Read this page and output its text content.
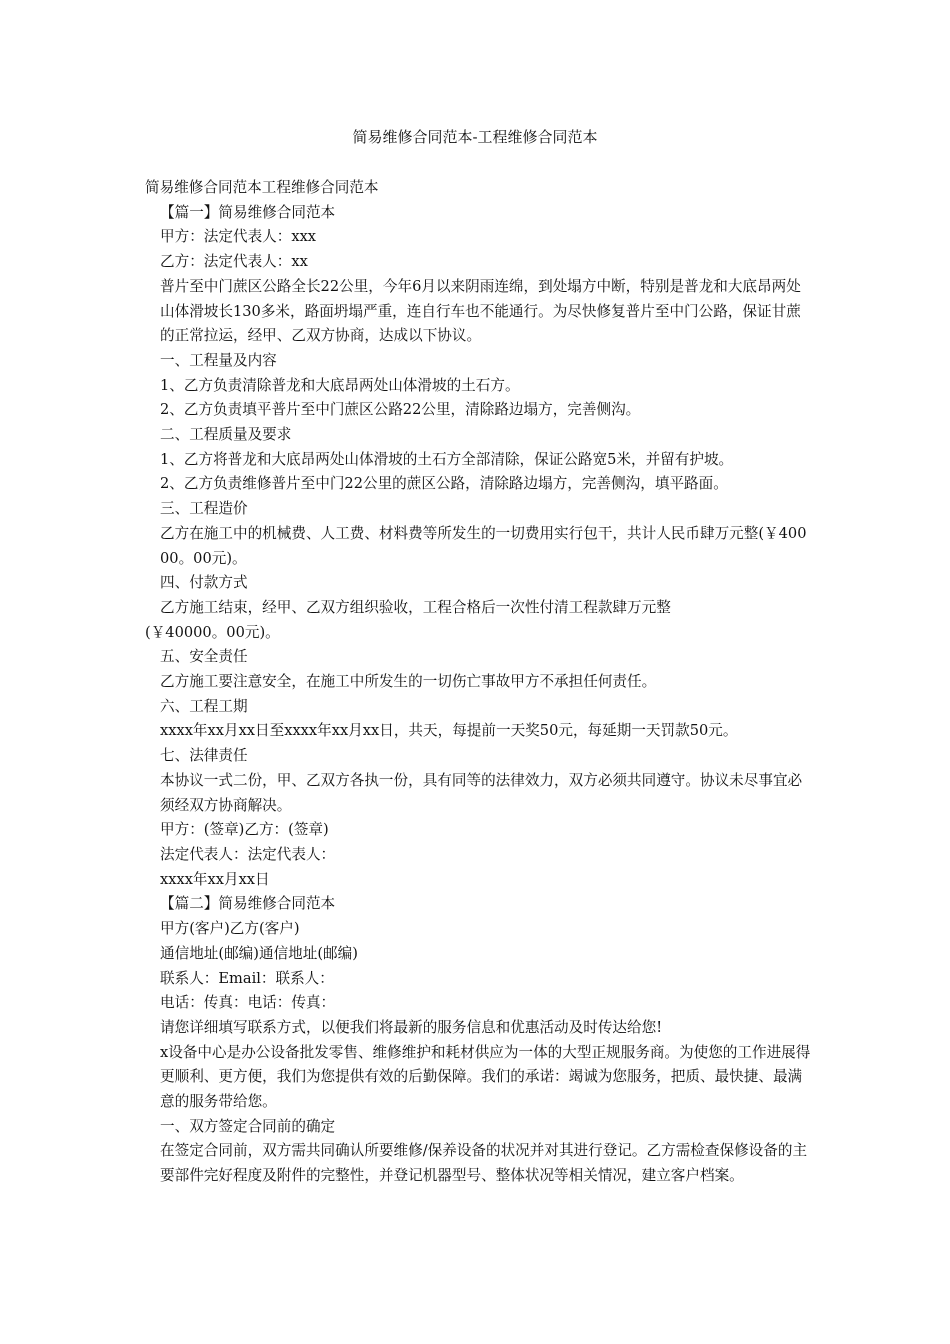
简易维修合同范本-工程维修合同范本

简易维修合同范本工程维修合同范本

【篇一】简易维修合同范本

甲方：法定代表人：xxx

乙方：法定代表人：xx

普片至中门蔗区公路全长22公里，今年6月以来阴雨连绵，到处塌方中断，特别是普龙和大底昂两处山体滑坡长130多米，路面坍塌严重，连自行车也不能通行。为尽快修复普片至中门公路，保证甘蔗的正常拉运，经甲、乙双方协商，达成以下协议。

一、工程量及内容

1、乙方负责清除普龙和大底昂两处山体滑坡的土石方。

2、乙方负责填平普片至中门蔗区公路22公里，清除路边塌方，完善侧沟。

二、工程质量及要求

1、乙方将普龙和大底昂两处山体滑坡的土石方全部清除，保证公路宽5米，并留有护坡。

2、乙方负责维修普片至中门22公里的蔗区公路，清除路边塌方，完善侧沟，填平路面。

三、工程造价

乙方在施工中的机械费、人工费、材料费等所发生的一切费用实行包干，共计人民币肆万元整(￥40000。00元)。

四、付款方式

乙方施工结束，经甲、乙双方组织验收，工程合格后一次性付清工程款肆万元整

(￥40000。00元)。

五、安全责任

乙方施工要注意安全，在施工中所发生的一切伤亡事故甲方不承担任何责任。

六、工程工期

xxxx年xx月xx日至xxxx年xx月xx日，共天，每提前一天奖50元，每延期一天罚款50元。

七、法律责任

本协议一式二份，甲、乙双方各执一份，具有同等的法律效力，双方必须共同遵守。协议未尽事宜必须经双方协商解决。

甲方：(签章)乙方：(签章)

法定代表人：法定代表人：

xxxx年xx月xx日

【篇二】简易维修合同范本

甲方(客户)乙方(客户)

通信地址(邮编)通信地址(邮编)

联系人：Email：联系人：

电话：传真：电话：传真：

请您详细填写联系方式，以便我们将最新的服务信息和优惠活动及时传达给您!

x设备中心是办公设备批发零售、维修维护和耗材供应为一体的大型正规服务商。为使您的工作进展得更顺利、更方便，我们为您提供有效的后勤保障。我们的承诺：竭诚为您服务，把质、最快捷、最满意的服务带给您。

一、双方签定合同前的确定

在签定合同前，双方需共同确认所要维修/保养设备的状况并对其进行登记。乙方需检查保修设备的主要部件完好程度及附件的完整性，并登记机器型号、整体状况等相关情况，建立客户档案。
